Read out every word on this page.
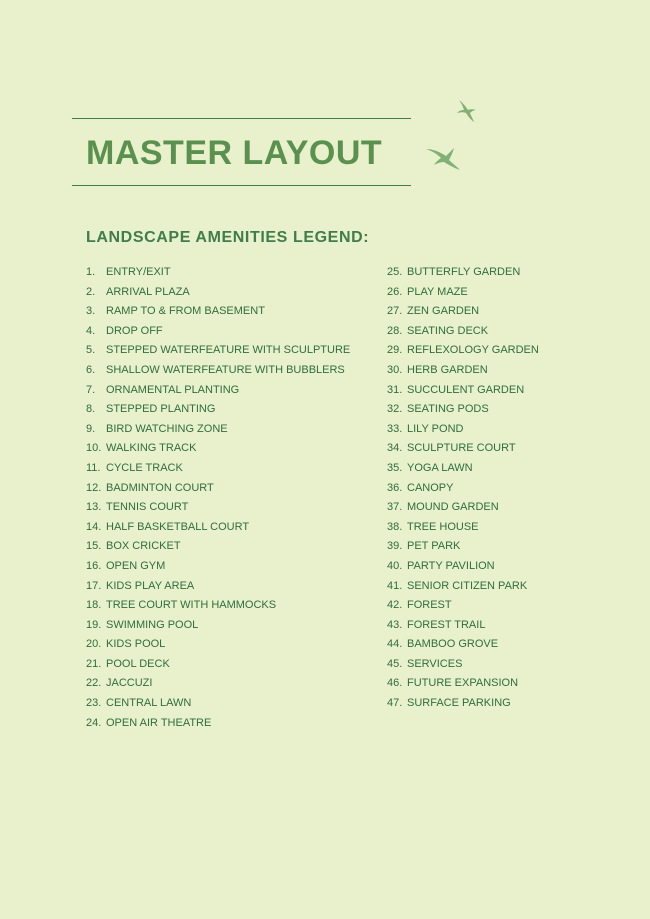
MASTER LAYOUT
LANDSCAPE AMENITIES LEGEND:
1. ENTRY/EXIT
2. ARRIVAL PLAZA
3. RAMP TO & FROM BASEMENT
4. DROP OFF
5. STEPPED WATERFEATURE WITH SCULPTURE
6. SHALLOW WATERFEATURE WITH BUBBLERS
7. ORNAMENTAL PLANTING
8. STEPPED PLANTING
9. BIRD WATCHING ZONE
10. WALKING TRACK
11. CYCLE TRACK
12. BADMINTON COURT
13. TENNIS COURT
14. HALF BASKETBALL COURT
15. BOX CRICKET
16. OPEN GYM
17. KIDS PLAY AREA
18. TREE COURT WITH HAMMOCKS
19. SWIMMING POOL
20. KIDS POOL
21. POOL DECK
22. JACCUZI
23. CENTRAL LAWN
24. OPEN AIR THEATRE
25. BUTTERFLY GARDEN
26. PLAY MAZE
27. ZEN GARDEN
28. SEATING DECK
29. REFLEXOLOGY GARDEN
30. HERB GARDEN
31. SUCCULENT GARDEN
32. SEATING PODS
33. LILY POND
34. SCULPTURE COURT
35. YOGA LAWN
36. CANOPY
37. MOUND GARDEN
38. TREE HOUSE
39. PET PARK
40. PARTY PAVILION
41. SENIOR CITIZEN PARK
42. FOREST
43. FOREST TRAIL
44. BAMBOO GROVE
45. SERVICES
46. FUTURE EXPANSION
47. SURFACE PARKING
